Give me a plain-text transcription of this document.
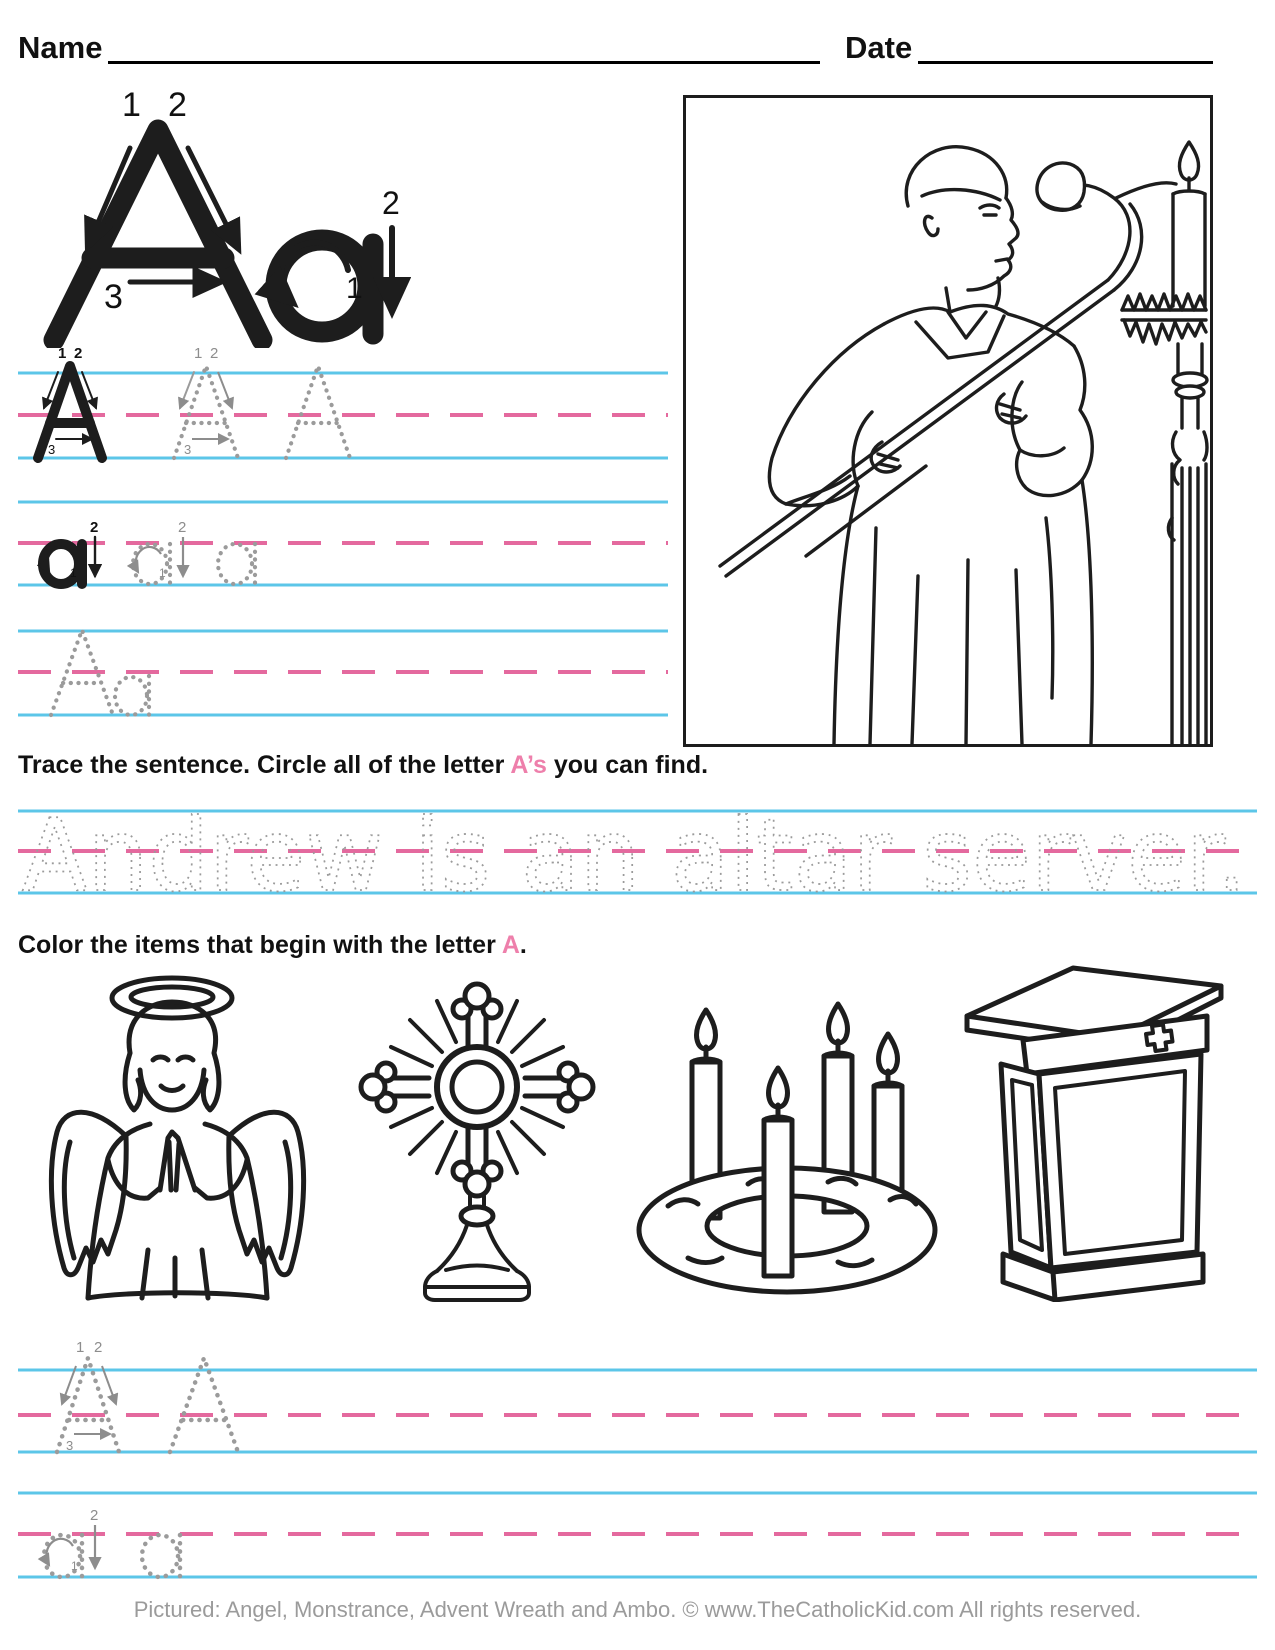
Name	Date
1 2
3	1
2
1 2
3
1 2
3
1
2
1
2
Trace the sentence. Circle all of the letter A’s you can find.
Andrew is an altar server.
Color the items that begin with the letter A.
1 2
3
1
2
Pictured: Angel, Monstrance, Advent Wreath and Ambo. © www.TheCatholicKid.com All rights reserved.
